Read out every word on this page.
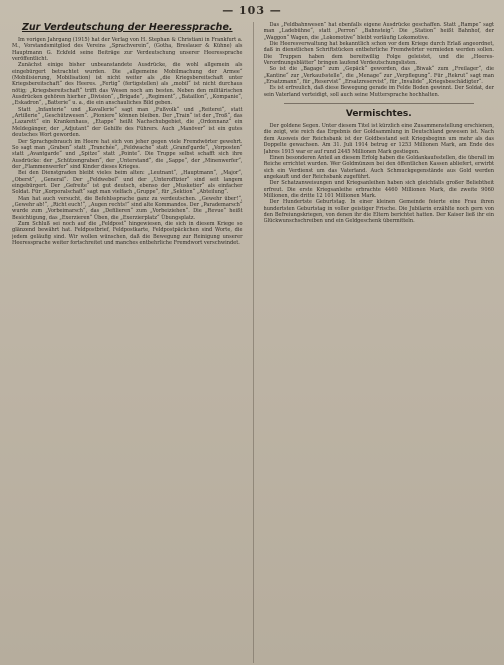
— 103 —
Zur Verdeutschung der Heeressprache.

Im vorigen Jahrgang (1915) hat der Verlag von H. Stephan & Christiani in Frankfurt a. M., Vorstandsmitglied des Vereins „Sprachverein“, (Gotha, Breslauer & Kühne) als Hauptmann G. Eckfeld seine Beiträge zur Verdeutschung unserer Heeressprache veröffentlicht.

Zunächst einige bisher unbeanstandete Ausdrücke, die wohl allgemein als eingebürgert betrachtet wurden. Die „allgemeine Mobilmachung der Armee“ (Mobilisierung, Mobilisation) ist nicht weiter als „die Kriegsbereitschaft unter Kriegsbereitschaft“ des Heeres. „Fertig“ (fertigstellen) als „mobil“ ist nicht durchaus nötig; „Kriegsbereitschaft“ trifft das Wesen noch am besten. Neben den militärischen Ausdrücken gehören hierher „Division“, „Brigade“, „Regiment“, „Bataillon“, „Kompanie“, „Eskadron“, „Batterie“ u. a., die ein anschauliches Bild geben.

Statt „Infanterie“ und „Kavallerie“ sagt man „Fußvolk“ und „Reiterei“, statt „Artillerie“ „Geschützwesen“. „Pioniere“ können bleiben. Der „Train“ ist der „Troß“, das „Lazarett“ ein Krankenhaus, „Etappe“ heißt Nachschubgebiet, die „Ordonnanz“ ein Meldegänger, der „Adjutant“ der Gehilfe des Führers. Auch „Manöver“ ist ein gutes deutsches Wort geworden.

Der Sprachgebrauch im Heere hat sich von jeher gegen viele Fremdwörter gewehrt. So sagt man „Graben“ statt „Tranchée“, „Feldwache“ statt „Grand'garde“, „Vorposten“ statt „Avantgarde“ und „Spitze“ statt „Pointe“. Die Truppe selbst schafft sich ihre Ausdrücke: der „Schützengraben“, der „Unterstand“, die „Sappe“, der „Minenwerfer“, der „Flammenwerfer“ sind Kinder dieses Krieges.

Bei den Dienstgraden bleibt vieles beim alten: „Leutnant“, „Hauptmann“, „Major“, „Oberst“, „General“. Der „Feldwebel“ und der „Unteroffizier“ sind seit langem eingebürgert. Der „Gefreite“ ist gut deutsch, ebenso der „Musketier“ als einfacher Soldat. Für „Korporalschaft“ sagt man vielfach „Gruppe“, für „Sektion“ „Abteilung“.

Man hat auch versucht, die Befehlssprache ganz zu verdeutschen. „Gewehr über!“, „Gewehr ab!“, „Richt euch!“, „Augen rechts!“ sind alte Kommandos. Der „Parademarsch“ wurde zum „Vorbeimarsch“, das „Defilieren“ zum „Vorbeiziehen“. Die „Revue“ heißt Besichtigung, das „Exerzieren“ Üben, die „Exerzierplatz“ Übungsplatz.

Zum Schluß sei noch auf die „Feldpost“ hingewiesen, die sich in diesem Kriege so glänzend bewährt hat. Feldpostbrief, Feldpostkarte, Feldpostpäckchen sind Worte, die jedem geläufig sind. Wir wollen wünschen, daß die Bewegung zur Reinigung unserer Heeressprache weiter fortschreitet und manches entbehrliche Fremdwort verschwindet.

Das „Feldbahnwesen“ hat ebenfalls eigene Ausdrücke geschaffen. Statt „Rampe“ sagt man „Ladebühne“, statt „Perron“ „Bahnsteig“. Die „Station“ heißt Bahnhof, der „Waggon“ Wagen, die „Lokomotive“ bleibt vorläufig Lokomotive.

Die Heeresverwaltung hat bekanntlich schon vor dem Kriege durch Erlaß angeordnet, daß in dienstlichen Schriftstücken entbehrliche Fremdwörter vermieden werden sollen. Die Truppen haben dem bereitwillig Folge geleistet, und die „Heeres-Verordnungsblätter“ bringen laufend Verdeutschungslisten.

So ist die „Bagage“ zum „Gepäck“ geworden, das „Biwak“ zum „Freilager“, die „Kantine“ zur „Verkaufsstelle“, die „Menage“ zur „Verpflegung“. Für „Rekrut“ sagt man „Ersatzmann“, für „Reservist“ „Ersatzreservist“, für „Invalide“ „Kriegsbeschädigter“.

Es ist erfreulich, daß diese Bewegung gerade im Felde Boden gewinnt. Der Soldat, der sein Vaterland verteidigt, soll auch seine Muttersprache hochhalten.

Vermischtes.

Der goldene Segen. Unter diesem Titel ist kürzlich eine Zusammenstellung erschienen, die zeigt, wie reich das Ergebnis der Goldsammlung in Deutschland gewesen ist. Nach dem Ausweis der Reichsbank ist der Goldbestand seit Kriegsbeginn um mehr als das Doppelte gewachsen. Am 31. Juli 1914 betrug er 1253 Millionen Mark, am Ende des Jahres 1915 war er auf rund 2445 Millionen Mark gestiegen.

Einen besonderen Anteil an diesem Erfolg haben die Goldankaufsstellen, die überall im Reiche errichtet wurden. Wer Goldmünzen bei den öffentlichen Kassen abliefert, erwirbt sich ein Verdienst um das Vaterland. Auch Schmuckgegenstände aus Gold werden angekauft und der Reichsbank zugeführt.

Der Schatzanweisungen und Kriegsanleihen haben sich gleichfalls großer Beliebtheit erfreut. Die erste Kriegsanleihe erbrachte 4460 Millionen Mark, die zweite 9060 Millionen, die dritte 12 101 Millionen Mark.

Der Hundertste Geburtstag. In einer kleinen Gemeinde feierte eine Frau ihren hundertsten Geburtstag in voller geistiger Frische. Die Jubilarin erzählte noch gern von den Befreiungskriegen, von denen ihr die Eltern berichtet hatten. Der Kaiser ließ ihr ein Glückwunschschreiben und ein Geldgeschenk übermitteln.
